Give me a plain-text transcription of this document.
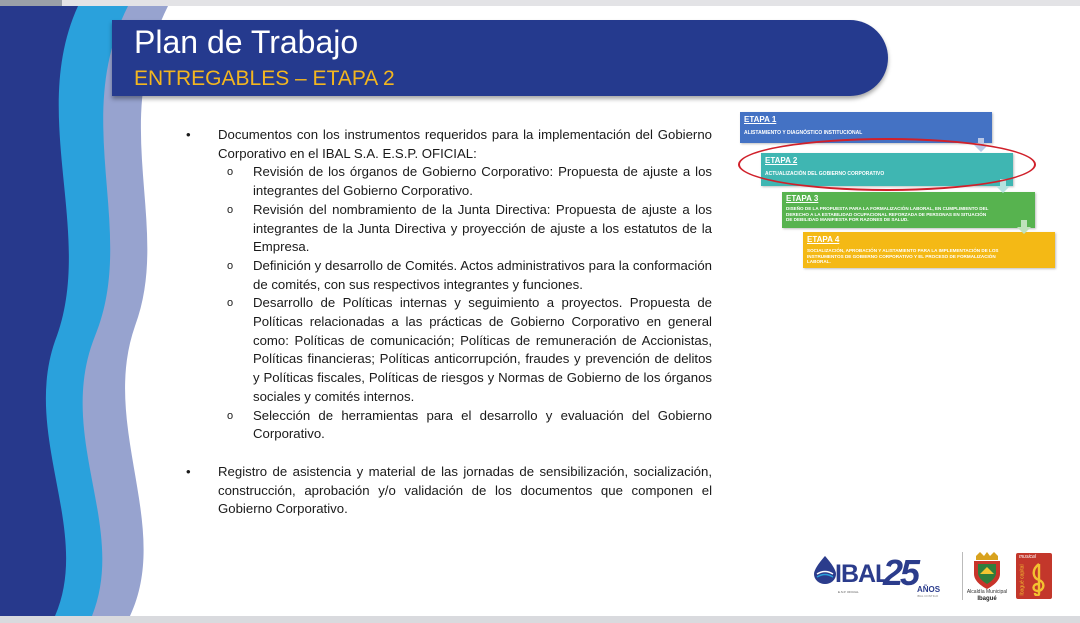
Plan de Trabajo
ENTREGABLES – ETAPA 2
• Documentos con los instrumentos requeridos para la implementación del Gobierno Corporativo en el IBAL S.A. E.S.P. OFICIAL:
o Revisión de los órganos de Gobierno Corporativo: Propuesta de ajuste a los integrantes del Gobierno Corporativo.
o Revisión del nombramiento de la Junta Directiva: Propuesta de ajuste a los integrantes de la Junta Directiva y proyección de ajuste a los estatutos de la Empresa.
o Definición y desarrollo de Comités. Actos administrativos para la conformación de comités, con sus respectivos integrantes y funciones.
o Desarrollo de Políticas internas y seguimiento a proyectos. Propuesta de Políticas relacionadas a las prácticas de Gobierno Corporativo en general como: Políticas de comunicación; Políticas de remuneración de Accionistas, Políticas financieras; Políticas anticorrupción, fraudes y prevención de delitos y Políticas fiscales, Políticas de riesgos y Normas de Gobierno de los órganos sociales y comités internos.
o Selección de herramientas para el desarrollo y evaluación del Gobierno Corporativo.
• Registro de asistencia y material de las jornadas de sensibilización, socialización, construcción, aprobación y/o validación de los documentos que componen el Gobierno Corporativo.
ETAPA 1
ALISTAMIENTO Y DIAGNÓSTICO INSTITUCIONAL
ETAPA 2
ACTUALIZACIÓN DEL GOBIERNO CORPORATIVO
ETAPA 3
DISEÑO DE LA PROPUESTA PARA LA FORMALIZACIÓN LABORAL, EN CUMPLIMIENTO DEL DERECHO A LA ESTABILIDAD OCUPACIONAL REFORZADA DE PERSONAS EN SITUACIÓN DE DEBILIDAD MANIFIESTA POR RAZONES DE SALUD.
ETAPA 4
SOCIALIZACIÓN, APROBACIÓN Y ALISTAMIENTO PARA LA IMPLEMENTACIÓN DE LOS INSTRUMENTOS DE GOBIERNO CORPORATIVO Y EL PROCESO DE FORMALIZACIÓN LABORAL.
IBAL
E.S.P. OFICIAL 25 AÑOS
IBAL CONTIGO
Alcaldía Municipal
Ibagué
musical
Ibagué capital
